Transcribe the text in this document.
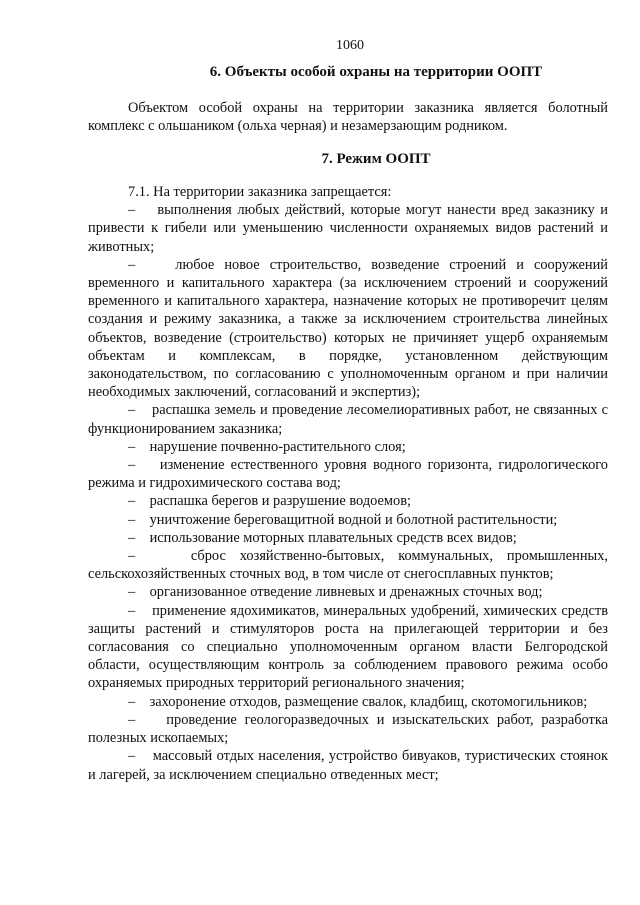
1060
6. Объекты особой охраны на территории ООПТ

Объектом особой охраны на территории заказника является болотный комплекс с ольшаником (ольха черная) и незамерзающим родником.

7. Режим ООПТ

7.1. На территории заказника запрещается:

–    выполнения любых действий, которые могут нанести вред заказнику и привести к гибели или уменьшению численности охраняемых видов растений и животных;

–    любое новое строительство, возведение строений и сооружений временного и капитального характера (за исключением строений и сооружений временного и капитального характера, назначение которых не противоречит целям создания и режиму заказника, а также за исключением строительства линейных объектов, возведение (строительство) которых не причиняет ущерб охраняемым объектам и комплексам, в порядке, установленном действующим законодательством, по согласованию с уполномоченным органом и при наличии необходимых заключений, согласований и экспертиз);

–    распашка земель и проведение лесомелиоративных работ, не связанных с функционированием заказника;

–    нарушение почвенно-растительного слоя;

–    изменение естественного уровня водного горизонта, гидрологического режима и гидрохимического состава вод;

–    распашка берегов и разрушение водоемов;

–    уничтожение береговащитной водной и болотной растительности;

–    использование моторных плавательных средств всех видов;

–    сброс хозяйственно-бытовых, коммунальных, промышленных, сельскохозяйственных сточных вод, в том числе от снегосплавных пунктов;

–    организованное отведение ливневых и дренажных сточных вод;

–    применение ядохимикатов, минеральных удобрений, химических средств защиты растений и стимуляторов роста на прилегающей территории и без согласования со специально уполномоченным органом власти Белгородской области, осуществляющим контроль за соблюдением правового режима особо охраняемых природных территорий регионального значения;

–    захоронение отходов, размещение свалок, кладбищ, скотомогильников;

–    проведение геологоразведочных и изыскательских работ, разработка полезных ископаемых;

–    массовый отдых населения, устройство бивуаков, туристических стоянок и лагерей, за исключением специально отведенных мест;
